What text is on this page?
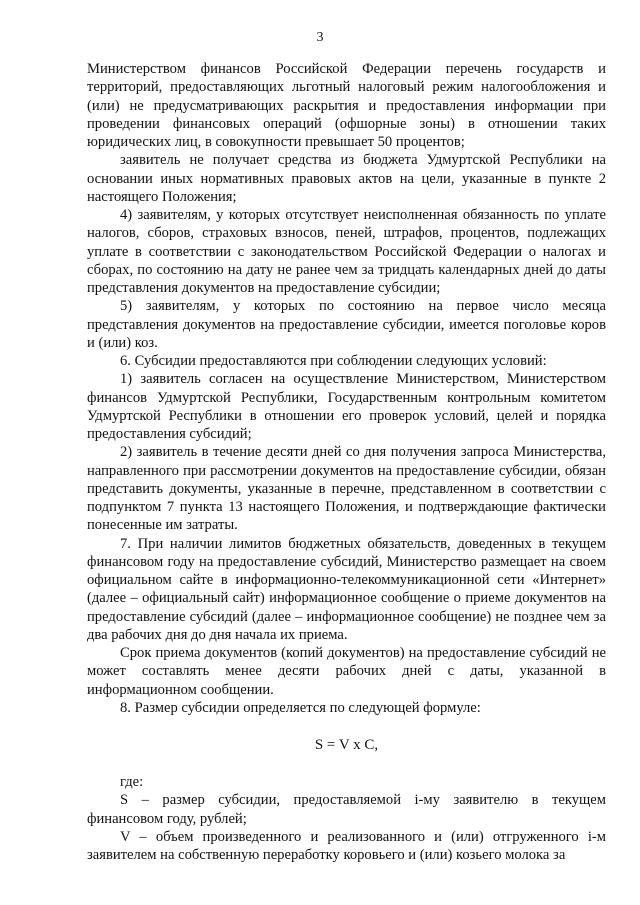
3

Министерством финансов Российской Федерации перечень государств и территорий, предоставляющих льготный налоговый режим налогообложения и (или) не предусматривающих раскрытия и предоставления информации при проведении финансовых операций (офшорные зоны) в отношении таких юридических лиц, в совокупности превышает 50 процентов;

заявитель не получает средства из бюджета Удмуртской Республики на основании иных нормативных правовых актов на цели, указанные в пункте 2 настоящего Положения;

4) заявителям, у которых отсутствует неисполненная обязанность по уплате налогов, сборов, страховых взносов, пеней, штрафов, процентов, подлежащих уплате в соответствии с законодательством Российской Федерации о налогах и сборах, по состоянию на дату не ранее чем за тридцать календарных дней до даты представления документов на предоставление субсидии;

5) заявителям, у которых по состоянию на первое число месяца представления документов на предоставление субсидии, имеется поголовье коров и (или) коз.

6. Субсидии предоставляются при соблюдении следующих условий:

1) заявитель согласен на осуществление Министерством, Министерством финансов Удмуртской Республики, Государственным контрольным комитетом Удмуртской Республики в отношении его проверок условий, целей и порядка предоставления субсидий;

2) заявитель в течение десяти дней со дня получения запроса Министерства, направленного при рассмотрении документов на предоставление субсидии, обязан представить документы, указанные в перечне, представленном в соответствии с подпунктом 7 пункта 13 настоящего Положения, и подтверждающие фактически понесенные им затраты.

7. При наличии лимитов бюджетных обязательств, доведенных в текущем финансовом году на предоставление субсидий, Министерство размещает на своем официальном сайте в информационно-телекоммуникационной сети «Интернет» (далее – официальный сайт) информационное сообщение о приеме документов на предоставление субсидий (далее – информационное сообщение) не позднее чем за два рабочих дня до дня начала их приема.

Срок приема документов (копий документов) на предоставление субсидий не может составлять менее десяти рабочих дней с даты, указанной в информационном сообщении.

8. Размер субсидии определяется по следующей формуле:

S = V x C,

где:

S – размер субсидии, предоставляемой i-му заявителю в текущем финансовом году, рублей;

V – объем произведенного и реализованного и (или) отгруженного i-м заявителем на собственную переработку коровьего и (или) козьего молока за
